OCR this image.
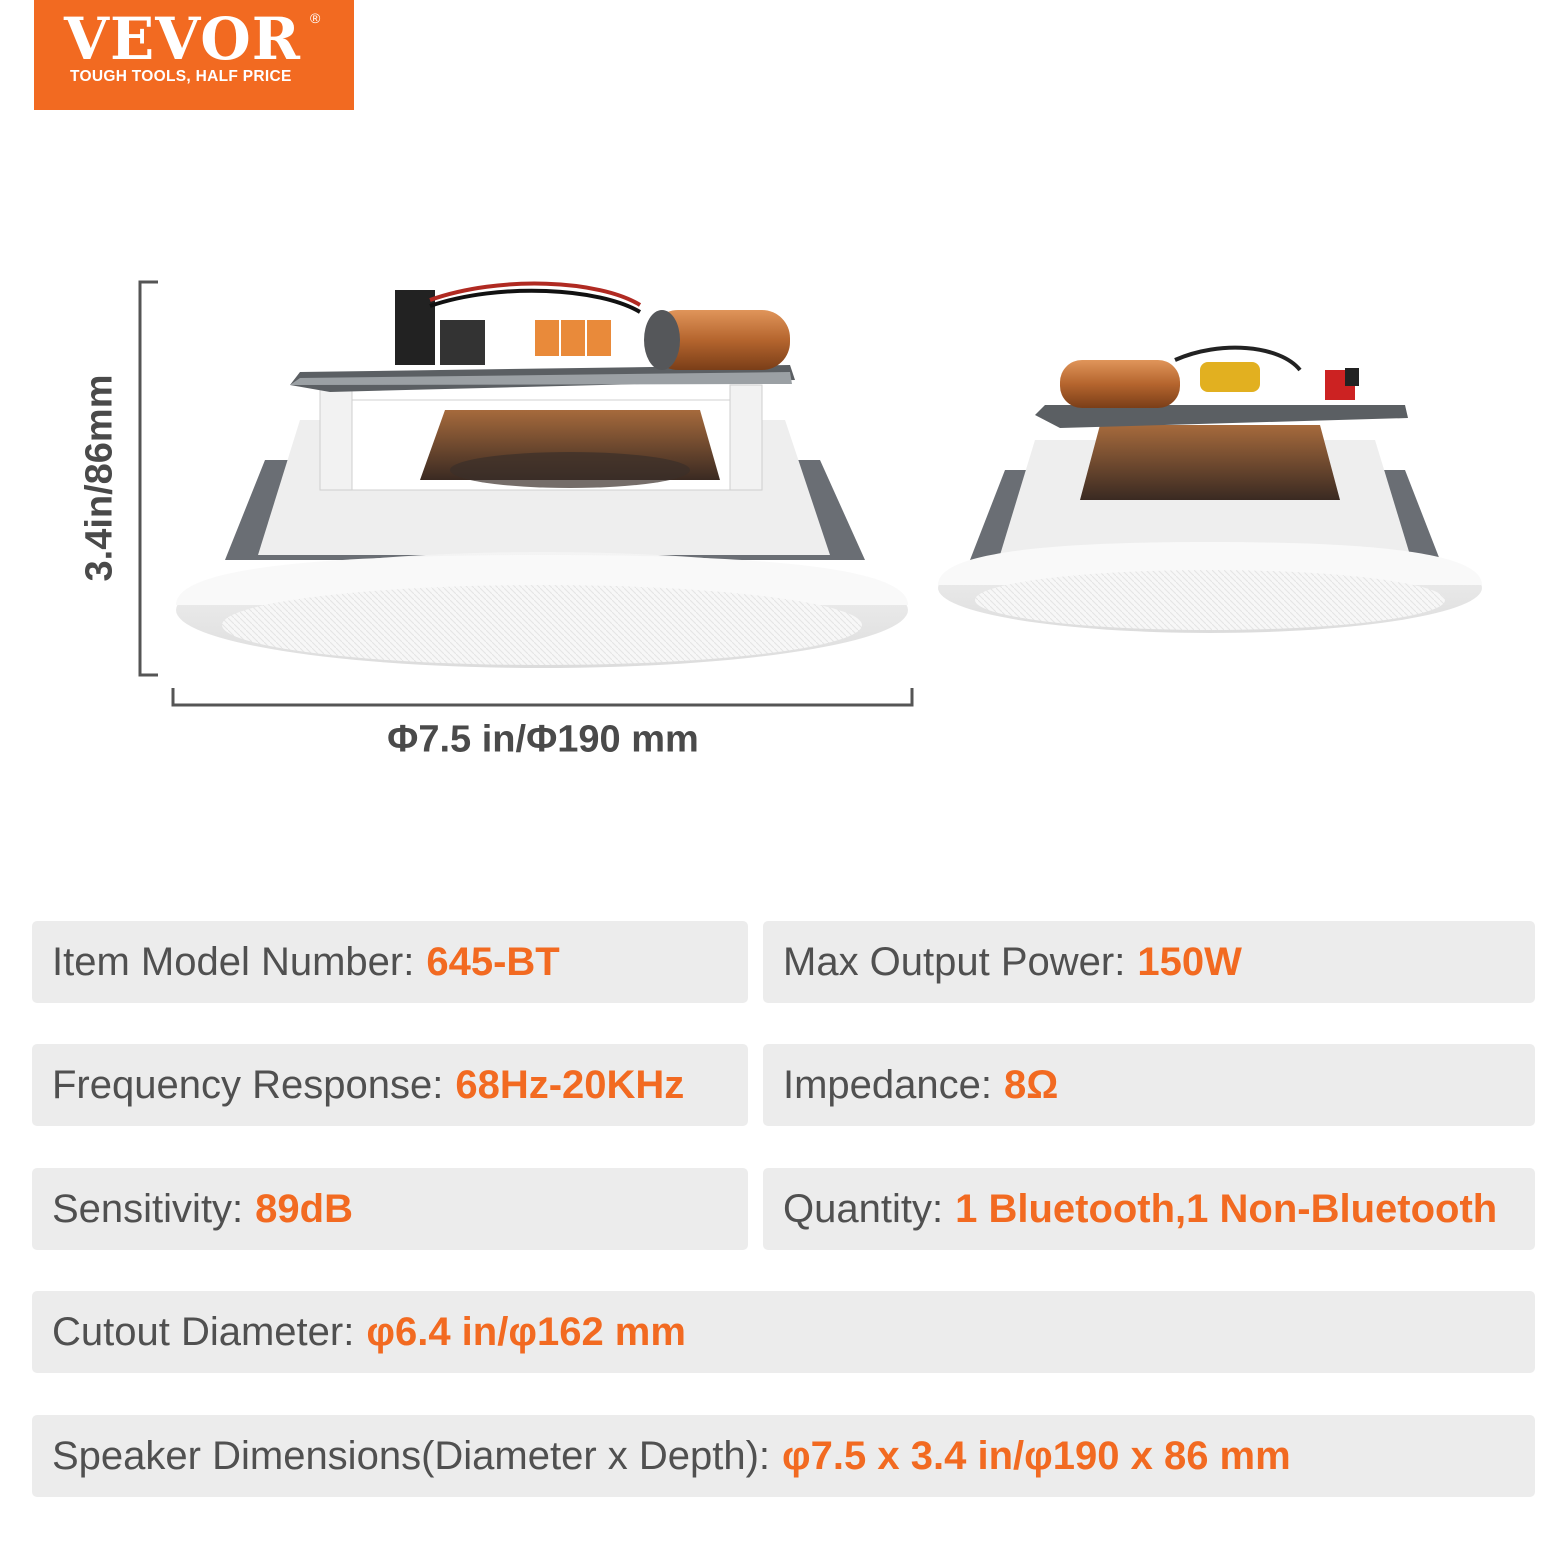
VEVOR ®
TOUGH TOOLS, HALF PRICE
3.4in/86mm
Φ7.5 in/Φ190 mm
Item Model Number: 645-BT	Max Output Power: 150W
Frequency Response: 68Hz-20KHz Impedance: 8Ω
Sensitivity: 89dB	Quantity: 1 Bluetooth,1 Non-Bluetooth
Cutout Diameter: φ6.4 in/φ162 mm
Speaker Dimensions(Diameter x Depth): φ7.5 x 3.4 in/φ190 x 86 mm
